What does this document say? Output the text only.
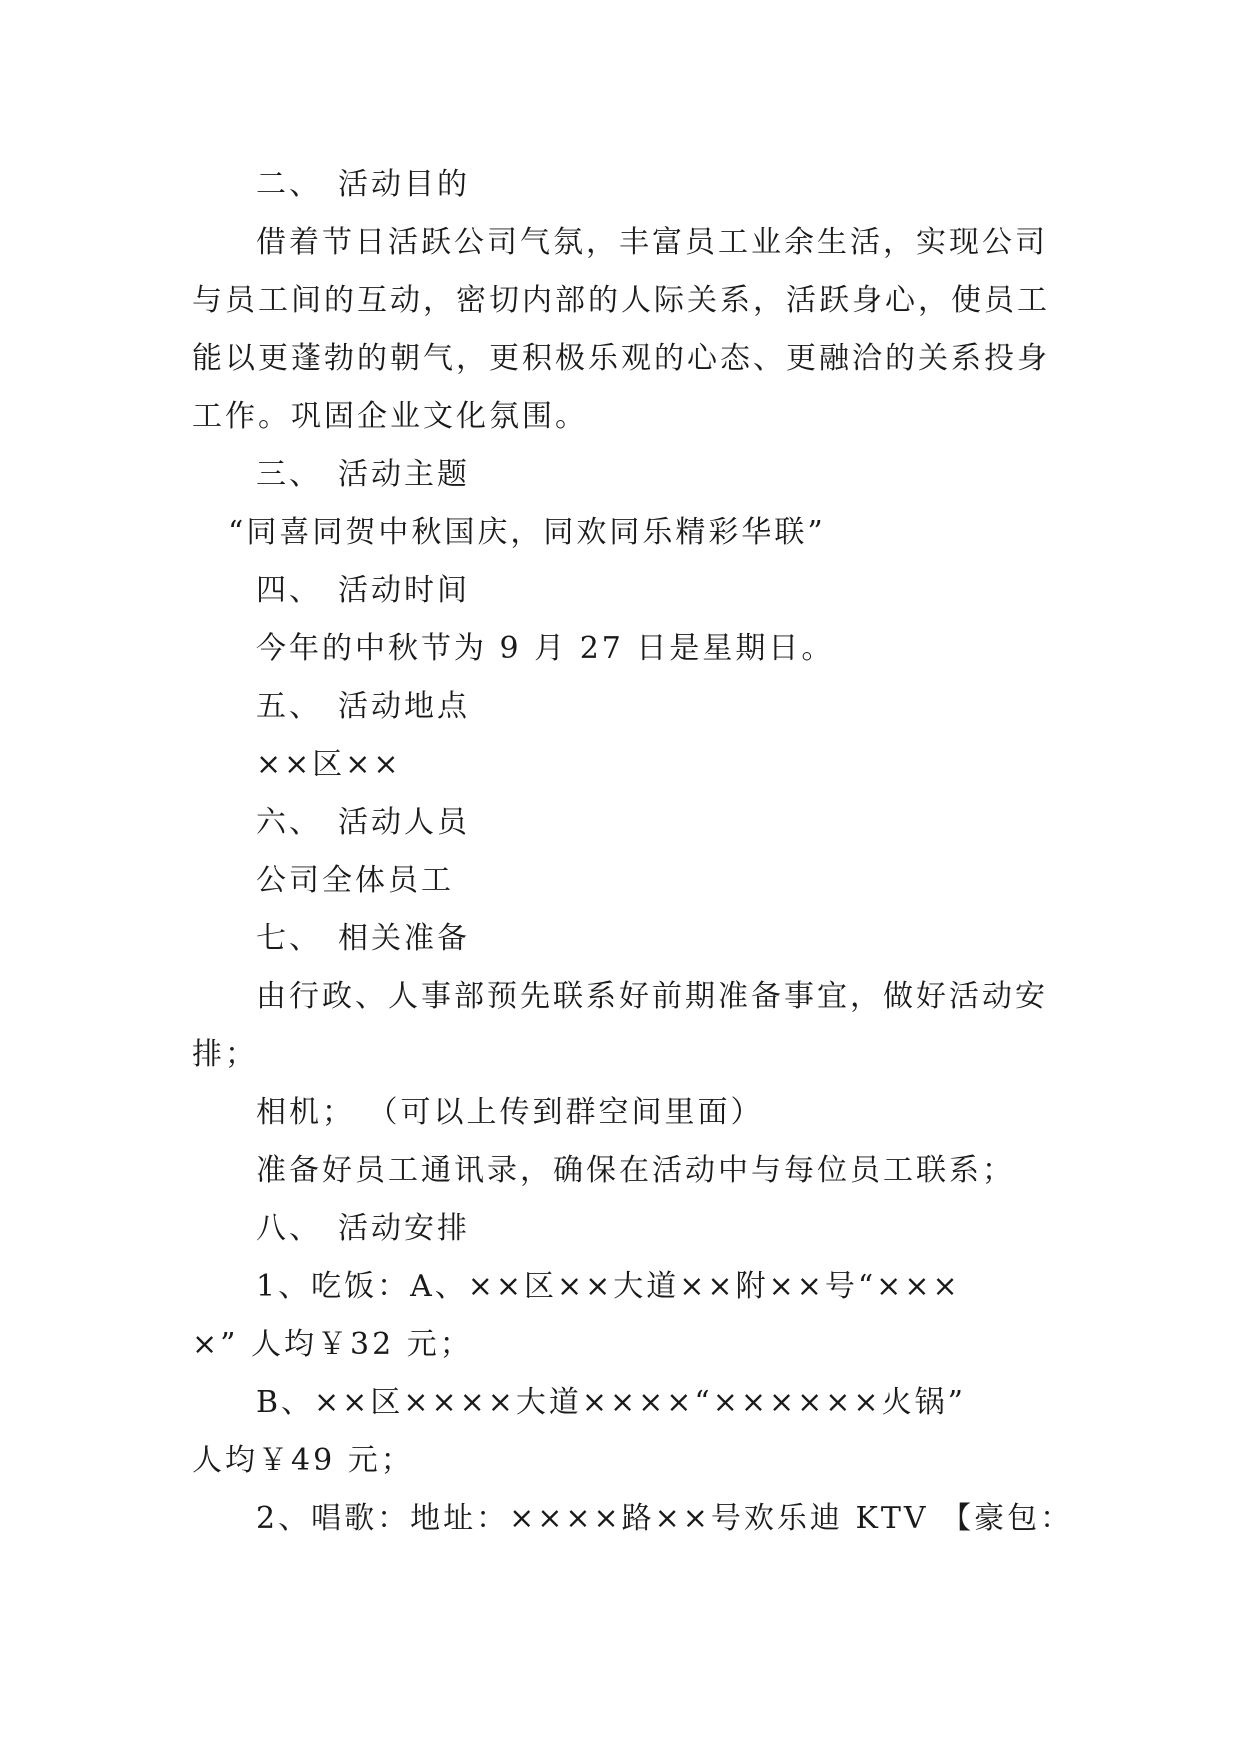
二、 活动目的
借着节日活跃公司气氛，丰富员工业余生活，实现公司
与员工间的互动，密切内部的人际关系，活跃身心，使员工
能以更蓬勃的朝气，更积极乐观的心态、更融洽的关系投身
工作。巩固企业文化氛围。
三、 活动主题
“同喜同贺中秋国庆，同欢同乐精彩华联”
四、 活动时间
今年的中秋节为 9 月 27 日是星期日。
五、 活动地点
××区××
六、 活动人员
公司全体员工
七、 相关准备
由行政、人事部预先联系好前期准备事宜，做好活动安
排；
相机； （可以上传到群空间里面）
准备好员工通讯录，确保在活动中与每位员工联系；
八、 活动安排
1、吃饭：A、××区××大道××附××号“×××
×” 人均￥32 元；
B、××区××××大道××××“××××××火锅”
人均￥49 元；
2、唱歌：地址：××××路××号欢乐迪 KTV 【豪包：
